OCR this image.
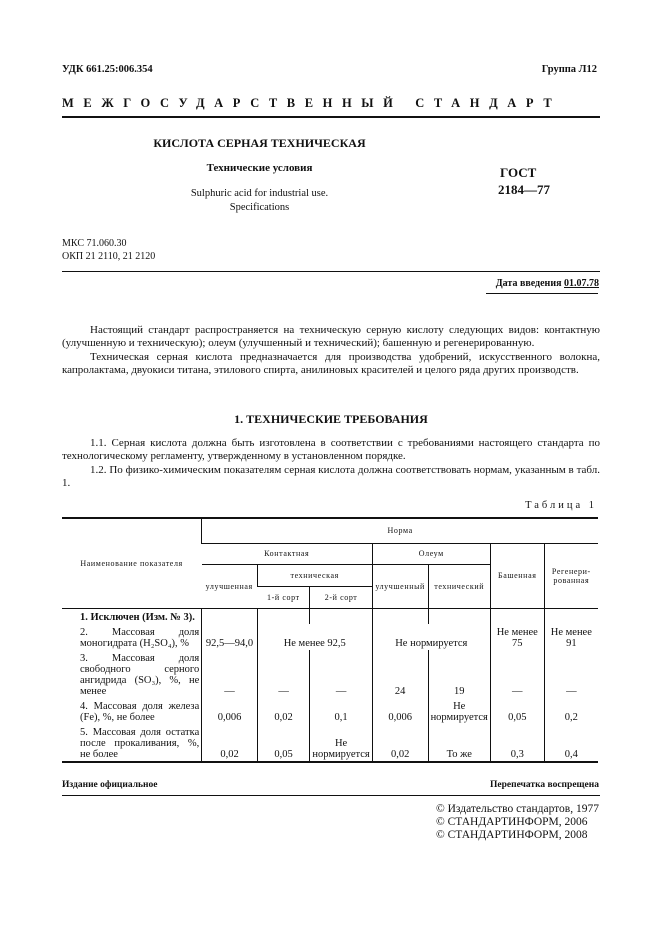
УДК 661.25:006.354	Группа Л12
МЕЖГОСУДАРСТВЕННЫЙ СТАНДАРТ
КИСЛОТА СЕРНАЯ ТЕХНИЧЕСКАЯ
Технические условия
Sulphuric acid for industrial use.
Specifications
ГОСТ
2184—77
МКС 71.060.30
ОКП 21 2110, 21 2120
Дата введения 01.07.78

Настоящий стандарт распространяется на техническую серную кислоту следующих видов: контактную (улучшенную и техническую); олеум (улучшенный и технический); башенную и регенерированную.

Техническая серная кислота предназначается для производства удобрений, искусственного волокна, капролактама, двуокиси титана, этилового спирта, анилиновых красителей и целого ряда других производств.

1. ТЕХНИЧЕСКИЕ ТРЕБОВАНИЯ

1.1. Серная кислота должна быть изготовлена в соответствии с требованиями настоящего стандарта по технологическому регламенту, утвержденному в установленном порядке.

1.2. По физико-химическим показателям серная кислота должна соответствовать нормам, указанным в табл. 1.

Таблица 1
Наименование показателя	Норма						
	Контактная			Олеум		Башенная	Регенери-
рованная

	улучшенная	техническая		улучшенный	технический		
		1-й сорт	2-й сорт				
1. Исключен (Изм. № 3).							
2. Массовая доля моногидрата (H₂SO₄), %	92,5—94,0	Не менее 92,5		Не нормируется		Не менее 75	Не менее 91
3. Массовая доля свободного серного ангидрида (SO₃), %, не менее	—	—	—	24	19	—	—
4. Массовая доля железа (Fe), %, не более	0,006	0,02	0,1	0,006	Не нормируется	0,05	0,2
5. Массовая доля остатка после прокаливания, %, не более	0,02	0,05	Не нормируется	0,02	То же	0,3	0,4
Издание официальное	Перепечатка воспрещена
© Издательство стандартов, 1977
© СТАНДАРТИНФОРМ, 2006
© СТАНДАРТИНФОРМ, 2008
